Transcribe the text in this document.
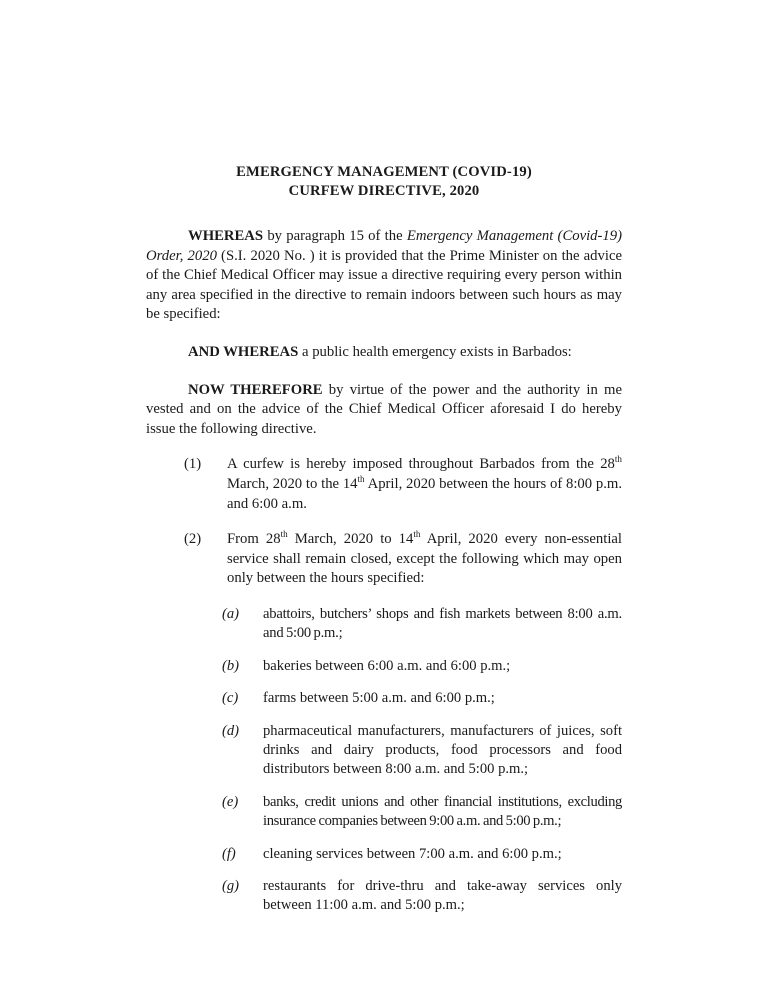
EMERGENCY MANAGEMENT (COVID-19)
CURFEW DIRECTIVE, 2020

WHEREAS by paragraph 15 of the Emergency Management (Covid-19) Order, 2020 (S.I. 2020 No. ) it is provided that the Prime Minister on the advice of the Chief Medical Officer may issue a directive requiring every person within any area specified in the directive to remain indoors between such hours as may be specified:

AND WHEREAS a public health emergency exists in Barbados:

NOW THEREFORE by virtue of the power and the authority in me vested and on the advice of the Chief Medical Officer aforesaid I do hereby issue the following directive.

(1)	A curfew is hereby imposed throughout Barbados from the 28th March, 2020 to the 14th April, 2020 between the hours of 8:00 p.m. and 6:00 a.m.
(2)	From 28th March, 2020 to 14th April, 2020 every non-essential service shall remain closed, except the following which may open only between the hours specified:
(a)	abattoirs, butchers’ shops and fish markets between 8:00 a.m. and 5:00 p.m.;
(b)	bakeries between 6:00 a.m. and 6:00 p.m.;
(c)	farms between 5:00 a.m. and 6:00 p.m.;
(d)	pharmaceutical manufacturers, manufacturers of juices, soft drinks and dairy products, food processors and food distributors between 8:00 a.m. and 5:00 p.m.;
(e)	banks, credit unions and other financial institutions, excluding insurance companies between 9:00 a.m. and 5:00 p.m.;
(f)	cleaning services between 7:00 a.m. and 6:00 p.m.;
(g)	restaurants for drive-thru and take-away services only between 11:00 a.m. and 5:00 p.m.;
